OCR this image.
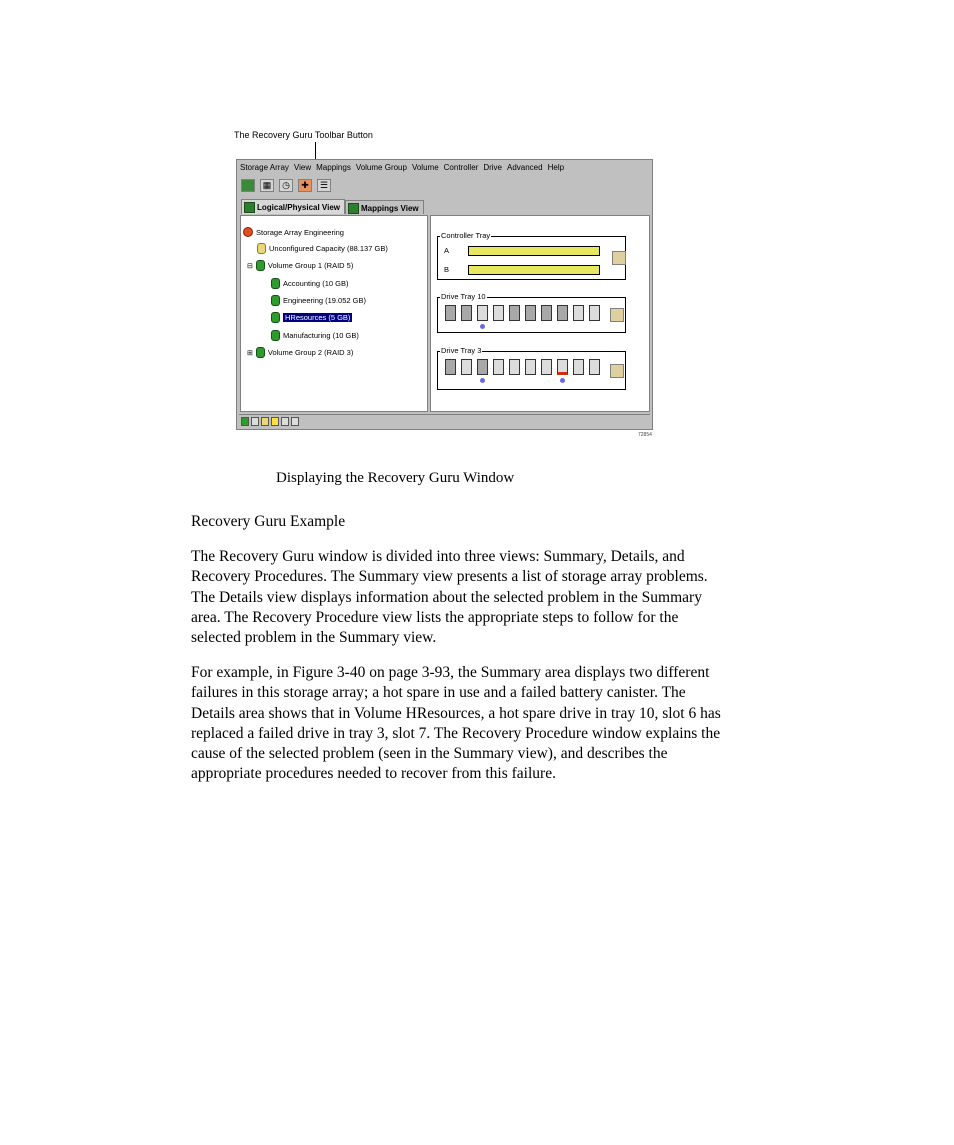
The Recovery Guru Toolbar Button
Storage Array View Mappings Volume Group Volume Controller Drive Advanced Help
▦	◷	✚	☰
Logical/Physical View	Mappings View
Storage Array Engineering
Unconfigured Capacity (88.137 GB)
⊟ Volume Group 1 (RAID 5)
Accounting (10 GB)
Engineering (19.052 GB)
HResources (5 GB)
Manufacturing (10 GB)
⊞ Volume Group 2 (RAID 3)
Controller Tray
A
B
Drive Tray 10
Drive Tray 3
72854
Displaying the Recovery Guru Window
Recovery Guru Example
The Recovery Guru window is divided into three views: Summary, Details, and
Recovery Procedures. The Summary view presents a list of storage array problems.
The Details view displays information about the selected problem in the Summary
area. The Recovery Procedure view lists the appropriate steps to follow for the
selected problem in the Summary view.
For example, in Figure 3-40 on page 3-93, the Summary area displays two different
failures in this storage array; a hot spare in use and a failed battery canister. The
Details area shows that in Volume HResources, a hot spare drive in tray 10, slot 6 has
replaced a failed drive in tray 3, slot 7. The Recovery Procedure window explains the
cause of the selected problem (seen in the Summary view), and describes the
appropriate procedures needed to recover from this failure.
